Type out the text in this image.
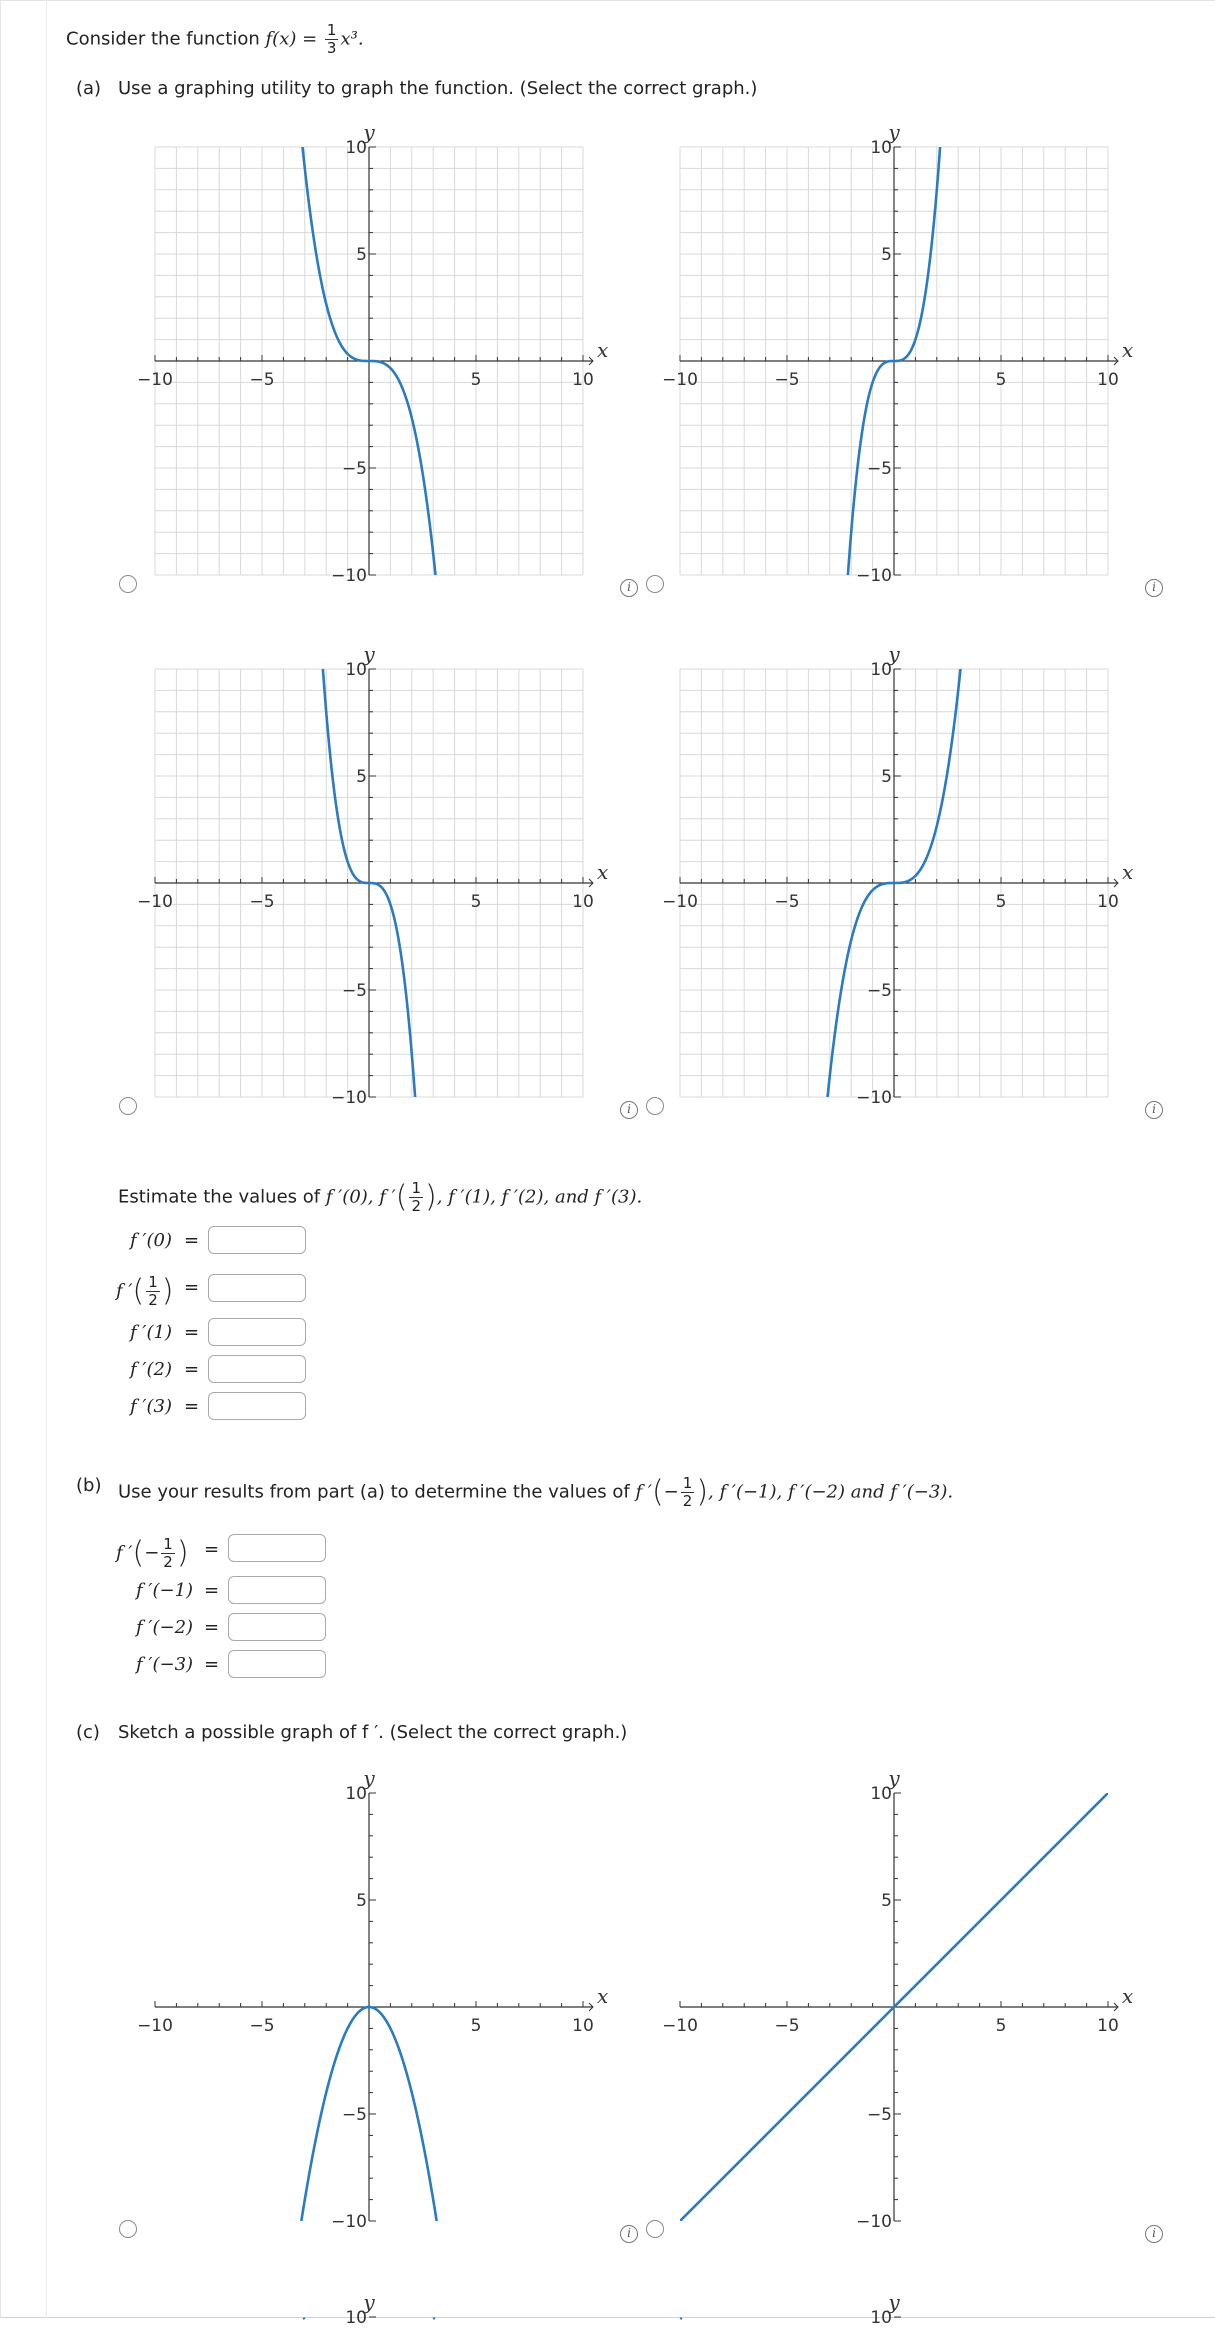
Consider the function $f(x) = \frac{1}{3} x^3$.
(a) Use a graphing utility to graph the function. (Select the correct graph.)
−10	−5	5	10
10
5
−5
−10
x
y
−10	−5	5	10
10
5
−5
−10
x
y
−10	−5	5	10
10
5
−5
−10
x
y
−10	−5	5	10
10
5
−5
−10
x
y
i	i
i	i
Estimate the values of f ′(0), f ′( $\frac{1}{2}$ ), f ′(1), f ′(2), and f ′(3).
f ′(0) =
f ′( $\frac{1}{2}$ ) =
f ′(1) =
f ′(2) =
f ′(3) =
(b) Use your results from part (a) to determine the values of f ′(− $\frac{1}{2}$ ), f ′(−1), f ′(−2) and f ′(−3).
f ′(− $\frac{1}{2}$ ) =
f ′(−1) =
f ′(−2) =
f ′(−3) =
(c) Sketch a possible graph of f ′. (Select the correct graph.)
−10	−5	5	10
10
5
−5
−10
x
y
−10	−5	5	10
10
5
−5
−10
x
y
i	i
y
10
y
10
